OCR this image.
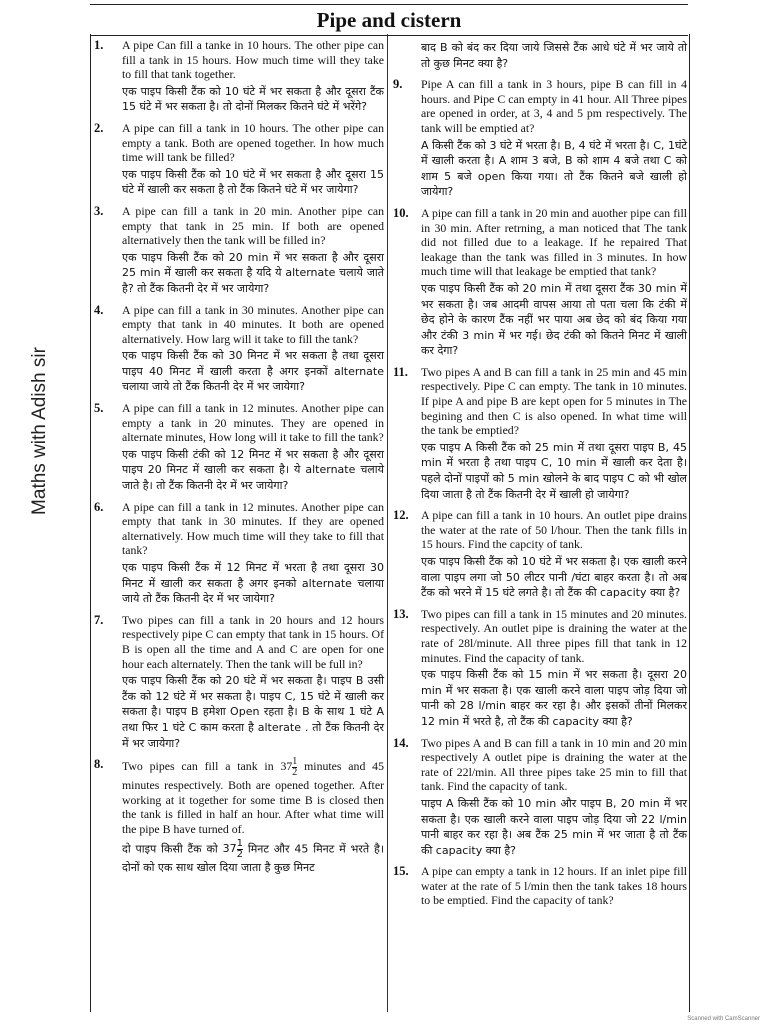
Pipe and cistern
Maths with Adish sir
1. A pipe Can fill a tanke in 10 hours. The other pipe can fill a tank in 15 hours. How much time will they take to fill that tank together.

एक पाइप किसी टैंक को 10 घंटे में भर सकता है और दूसरा टैंक 15 घंटे में भर सकता है। तो दोनों मिलकर कितने घंटे में भरेंगे?

2. A pipe can fill a tank in 10 hours. The other pipe can empty a tank. Both are opened together. In how much time will tank be filled?

एक पाइप किसी टैंक को 10 घंटे में भर सकता है और दूसरा 15 घंटे में खाली कर सकता है तो टैंक कितने घंटे में भर जायेगा?

3. A pipe can fill a tank in 20 min. Another pipe can empty that tank in 25 min. If both are opened alternatively then the tank will be filled in?

एक पाइप किसी टैंक को 20 min में भर सकता है और दूसरा 25 min में खाली कर सकता है यदि ये alternate चलाये जाते है? तो टैंक कितनी देर में भर जायेगा?

4. A pipe can fill a tank in 30 minutes. Another pipe can empty that tank in 40 minutes. It both are opened alternatively. How larg will it take to fill the tank?

एक पाइप किसी टैंक को 30 मिनट में भर सकता है तथा दूसरा पाइप 40 मिनट में खाली करता है अगर इनकों alternate चलाया जाये तो टैंक कितनी देर में भर जायेगा?

5. A pipe can fill a tank in 12 minutes. Another pipe can empty a tank in 20 minutes. They are opened in alternate minutes, How long will it take to fill the tank?

एक पाइप किसी टंकी को 12 मिनट में भर सकता है और दूसरा पाइप 20 मिनट में खाली कर सकता है। ये alternate चलाये जाते है। तो टैंक कितनी देर में भर जायेगा?

6. A pipe can fill a tank in 12 minutes. Another pipe can empty that tank in 30 minutes. If they are opened alternatively. How much time will they take to fill that tank?

एक पाइप किसी टैंक में 12 मिनट में भरता है तथा दूसरा 30 मिनट में खाली कर सकता है अगर इनको alternate चलाया जाये तो टैंक कितनी देर में भर जायेगा?

7. Two pipes can fill a tank in 20 hours and 12 hours respectively pipe C can empty that tank in 15 hours. Of B is open all the time and A and C are open for one hour each alternately. Then the tank will be full in?

एक पाइप किसी टैंक को 20 घंटे में भर सकता है। पाइप B उसी टैंक को 12 घंटे में भर सकता है। पाइप C, 15 घंटे में खाली कर सकता है। पाइप B हमेशा Open रहता है। B के साथ 1 घंटे A तथा फिर 1 घंटे C काम करता है alterate . तो टैंक कितनी देर में भर जायेगा?

8. Two pipes can fill a tank in $37 \frac{1}{2}$ minutes and 45 minutes respectively. Both are opened together. After working at it together for some time B is closed then the tank is filled in half an hour. After what time will the pipe B have turned of.

दो पाइप किसी टैंक को $37 \frac{1}{2}$ मिनट और 45 मिनट में भरते है। दोनों को एक साथ खोल दिया जाता है कुछ मिनट

बाद B को बंद कर दिया जाये जिससे टैंक आधे घंटे में भर जाये तो तो कुछ मिनट क्या है?

9. Pipe A can fill a tank in 3 hours, pipe B can fill in 4 hours. and Pipe C can empty in 41 hour. All Three pipes are opened in order, at 3, 4 and 5 pm respectively. The tank will be emptied at?

A किसी टैंक को 3 घंटे में भरता है। B, 4 घंटे में भरता है। C, 1घंटे में खाली करता है। A शाम 3 बजे, B को शाम 4 बजे तथा C को शाम 5 बजे open किया गया। तो टैंक कितने बजे खाली हो जायेगा?

10. A pipe can fill a tank in 20 min and auother pipe can fill in 30 min. After retrning, a man noticed that The tank did not filled due to a leakage. If he repaired That leakage than the tank was filled in 3 minutes. In how much time will that leakage be emptied that tank?

एक पाइप किसी टैंक को 20 min में तथा दूसरा टैंक 30 min में भर सकता है। जब आदमी वापस आया तो पता चला कि टंकी में छेद होने के कारण टैंक नहीं भर पाया अब छेद को बंद किया गया और टंकी 3 min में भर गई। छेद टंकी को कितने मिनट में खाली कर देगा?

11. Two pipes A and B can fill a tank in 25 min and 45 min respectively. Pipe C can empty. The tank in 10 minutes. If pipe A and pipe B are kept open for 5 minutes in The begining and then C is also opened. In what time will the tank be emptied?

एक पाइप A किसी टैंक को 25 min में तथा दूसरा पाइप B, 45 min में भरता है तथा पाइप C, 10 min में खाली कर देता है। पहले दोनों पाइपों को 5 min खोलने के बाद पाइप C को भी खोल दिया जाता है तो टैंक कितनी देर में खाली हो जायेगा?

12. A pipe can fill a tank in 10 hours. An outlet pipe drains the water at the rate of 50 l/hour. Then the tank fills in 15 hours. Find the capcity of tank.

एक पाइप किसी टैंक को 10 घंटे में भर सकता है। एक खाली करने वाला पाइप लगा जो 50 लीटर पानी /घंटा बाहर करता है। तो अब टैंक को भरने में 15 घंटे लगते है। तो टैंक की capacity क्या है?

13. Two pipes can fill a tank in 15 minutes and 20 minutes. respectively. An outlet pipe is draining the water at the rate of 28l/minute. All three pipes fill that tank in 12 minutes. Find the capacity of tank.

एक पाइप किसी टैंक को 15 min में भर सकता है। दूसरा 20 min में भर सकता है। एक खाली करने वाला पाइप जोड़ दिया जो पानी को 28 l/min बाहर कर रहा है। और इसकों तीनों मिलकर 12 min में भरते है, तो टैंक की capacity क्या है?

14. Two pipes A and B can fill a tank in 10 min and 20 min respectively A outlet pipe is draining the water at the rate of 22l/min. All three pipes take 25 min to fill that tank. Find the capacity of tank.

पाइप A किसी टैंक को 10 min और पाइप B, 20 min में भर सकता है। एक खाली करने वाला पाइप जोड़ दिया जो 22 l/min पानी बाहर कर रहा है। अब टैंक 25 min में भर जाता है तो टैंक की capacity क्या है?

15. A pipe can empty a tank in 12 hours. If an inlet pipe fill water at the rate of 5 l/min then the tank takes 18 hours to be emptied. Find the capacity of tank?

Scanned with CamScanner
